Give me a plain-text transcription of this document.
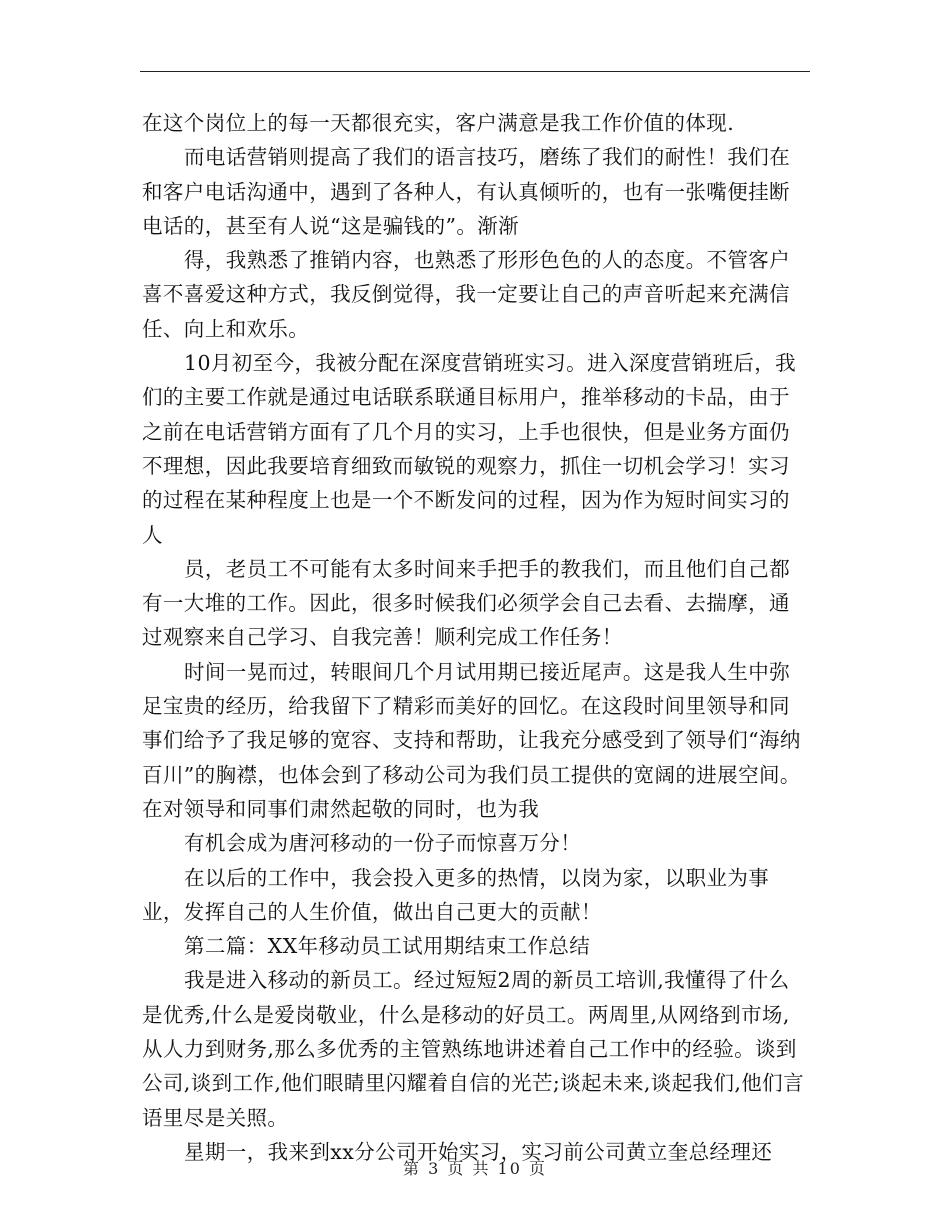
在这个岗位上的每一天都很充实，客户满意是我工作价值的体现.

而电话营销则提高了我们的语言技巧，磨练了我们的耐性！我们在和客户电话沟通中，遇到了各种人，有认真倾听的，也有一张嘴便挂断电话的，甚至有人说“这是骗钱的”。渐渐

得，我熟悉了推销内容，也熟悉了形形色色的人的态度。不管客户喜不喜爱这种方式，我反倒觉得，我一定要让自己的声音听起来充满信任、向上和欢乐。

10月初至今，我被分配在深度营销班实习。进入深度营销班后，我们的主要工作就是通过电话联系联通目标用户，推举移动的卡品，由于之前在电话营销方面有了几个月的实习，上手也很快，但是业务方面仍不理想，因此我要培育细致而敏锐的观察力，抓住一切机会学习！实习的过程在某种程度上也是一个不断发问的过程，因为作为短时间实习的人

员，老员工不可能有太多时间来手把手的教我们，而且他们自己都有一大堆的工作。因此，很多时候我们必须学会自己去看、去揣摩，通过观察来自己学习、自我完善！顺利完成工作任务！

时间一晃而过，转眼间几个月试用期已接近尾声。这是我人生中弥足宝贵的经历，给我留下了精彩而美好的回忆。在这段时间里领导和同事们给予了我足够的宽容、支持和帮助，让我充分感受到了领导们“海纳百川”的胸襟，也体会到了移动公司为我们员工提供的宽阔的进展空间。在对领导和同事们肃然起敬的同时，也为我

有机会成为唐河移动的一份子而惊喜万分！

在以后的工作中，我会投入更多的热情，以岗为家，以职业为事业，发挥自己的人生价值，做出自己更大的贡献！

第二篇：XX年移动员工试用期结束工作总结

我是进入移动的新员工。经过短短2周的新员工培训,我懂得了什么是优秀,什么是爱岗敬业，什么是移动的好员工。两周里,从网络到市场,从人力到财务,那么多优秀的主管熟练地讲述着自己工作中的经验。谈到公司,谈到工作,他们眼睛里闪耀着自信的光芒;谈起未来,谈起我们,他们言语里尽是关照。

星期一，我来到xx分公司开始实习，实习前公司黄立奎总经理还

第 3 页 共 10 页
